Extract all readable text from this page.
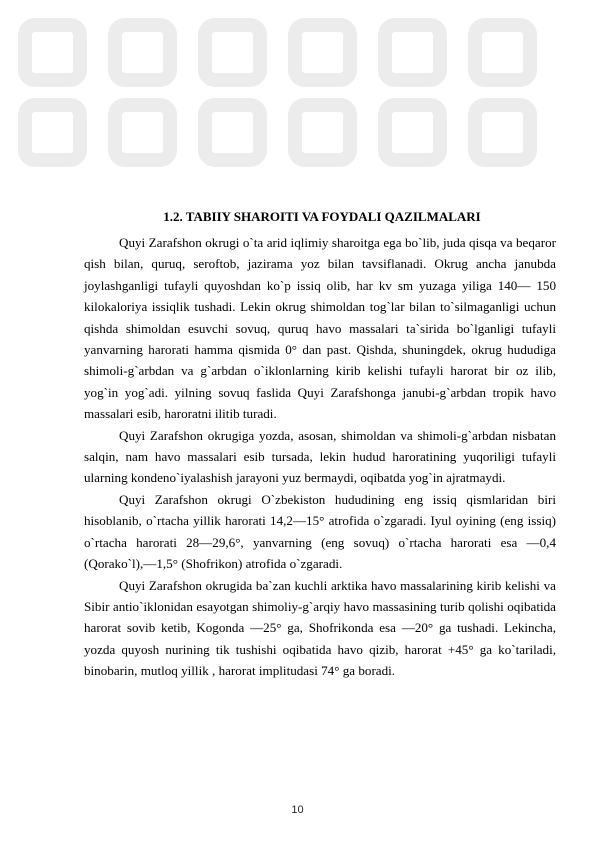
1.2. TABIIY SHAROITI VA FOYDALI QAZILMALARI

Quyi Zarafshon okrugi o`ta arid iqlimiy sharoitga ega bo`lib, juda qisqa va beqaror qish bilan, quruq, seroftob, jazirama yoz bilan tavsiflanadi. Okrug ancha janubda joylashganligi tufayli quyoshdan ko`p issiq olib, har kv sm yuzaga yiliga 140— 150 kilokaloriya issiqlik tushadi. Lekin okrug shimoldan tog`lar bilan to`silmaganligi uchun qishda shimoldan esuvchi sovuq, quruq havo massalari ta`sirida bo`lganligi tufayli yanvarning harorati hamma qismida 0° dan past. Qishda, shuningdek, okrug hududiga shimoli-g`arbdan va g`arbdan o`iklonlarning kirib kelishi tufayli harorat bir oz ilib, yog`in yog`adi. yilning sovuq faslida Quyi Zarafshonga janubi-g`arbdan tropik havo massalari esib, haroratni ilitib turadi.

Quyi Zarafshon okrugiga yozda, asosan, shimoldan va shimoli-g`arbdan nisbatan salqin, nam havo massalari esib tursada, lekin hudud haroratining yuqoriligi tufayli ularning kondeno`iyalashish jarayoni yuz bermaydi, oqibatda yog`in ajratmaydi.

Quyi Zarafshon okrugi O`zbekiston hududining eng issiq qismlaridan biri hisoblanib, o`rtacha yillik harorati 14,2—15° atrofida o`zgaradi. Iyul oyining (eng issiq) o`rtacha harorati 28—29,6°, yanvarning (eng sovuq) o`rtacha harorati esa —0,4 (Qorako`l),—1,5° (Shofrikon) atrofida o`zgaradi.

Quyi Zarafshon okrugida ba`zan kuchli arktika havo massalarining kirib kelishi va Sibir antio`iklonidan esayotgan shimoliy-g`arqiy havo massasining turib qolishi oqibatida harorat sovib ketib, Kogonda —25° ga, Shofrikonda esa —20° ga tushadi. Lekincha, yozda quyosh nurining tik tushishi oqibatida havo qizib, harorat +45° ga ko`tariladi, binobarin, mutloq yillik , harorat implitudasi 74° ga boradi.

10
